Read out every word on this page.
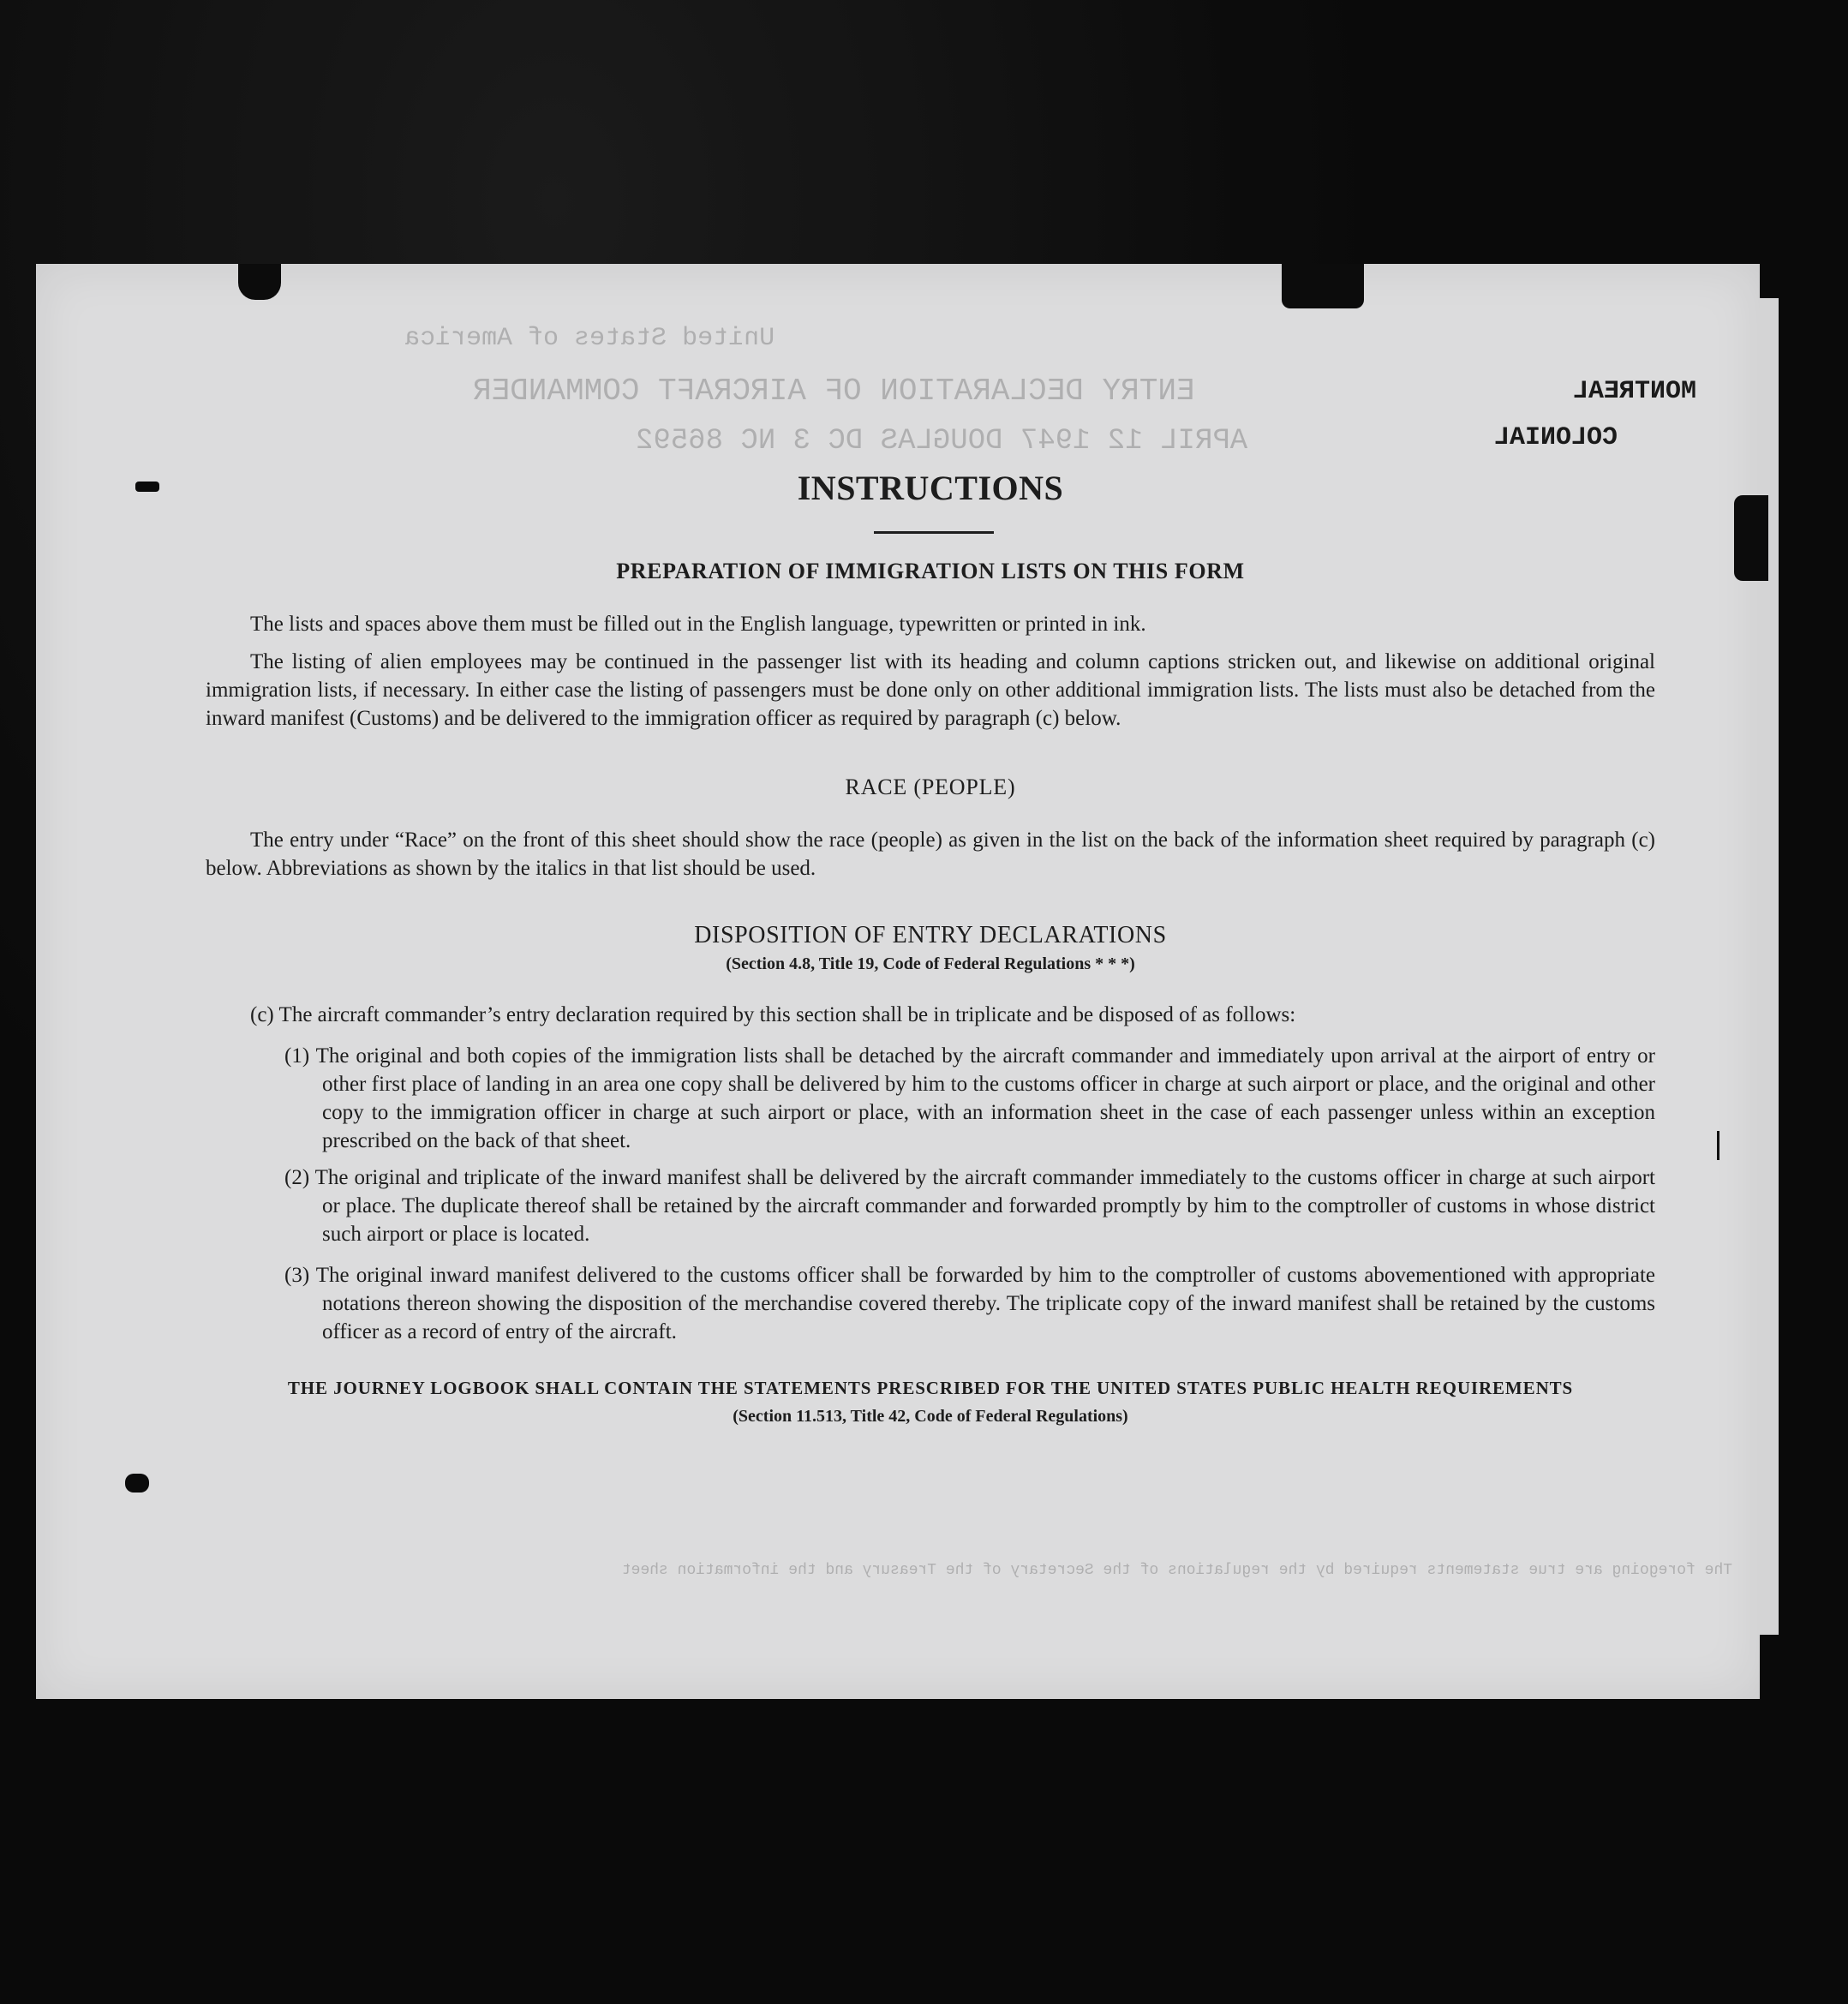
United States of America
ENTRY DECLARATION OF AIRCRAFT COMMANDER
APRIL 12 1947 DOUGLAS DC 3 NC 86592
The foregoing are true statements required by the regulations of the Secretary of the Treasury and the information sheet
MONTREAL
COLONIAL
INSTRUCTIONS
PREPARATION OF IMMIGRATION LISTS ON THIS FORM
The lists and spaces above them must be filled out in the English language, typewritten or printed in ink.
The listing of alien employees may be continued in the passenger list with its heading and column captions stricken out, and likewise on additional original immigration lists, if necessary. In either case the listing of passengers must be done only on other additional immigration lists. The lists must also be detached from the inward manifest (Customs) and be delivered to the immigration officer as required by paragraph (c) below.
RACE (PEOPLE)
The entry under “Race” on the front of this sheet should show the race (people) as given in the list on the back of the information sheet required by paragraph (c) below. Abbreviations as shown by the italics in that list should be used.
DISPOSITION OF ENTRY DECLARATIONS
(Section 4.8, Title 19, Code of Federal Regulations * * *)
(c) The aircraft commander’s entry declaration required by this section shall be in triplicate and be disposed of as follows:
(1) The original and both copies of the immigration lists shall be detached by the aircraft commander and immediately upon arrival at the airport of entry or other first place of landing in an area one copy shall be delivered by him to the customs officer in charge at such airport or place, and the original and other copy to the immigration officer in charge at such airport or place, with an information sheet in the case of each passenger unless within an exception prescribed on the back of that sheet.
(2) The original and triplicate of the inward manifest shall be delivered by the aircraft commander immediately to the customs officer in charge at such airport or place. The duplicate thereof shall be retained by the aircraft commander and forwarded promptly by him to the comptroller of customs in whose district such airport or place is located.
(3) The original inward manifest delivered to the customs officer shall be forwarded by him to the comptroller of customs abovementioned with appropriate notations thereon showing the disposition of the merchandise covered thereby. The triplicate copy of the inward manifest shall be retained by the customs officer as a record of entry of the aircraft.
THE JOURNEY LOGBOOK SHALL CONTAIN THE STATEMENTS PRESCRIBED FOR THE UNITED STATES PUBLIC HEALTH REQUIREMENTS
(Section 11.513, Title 42, Code of Federal Regulations)
